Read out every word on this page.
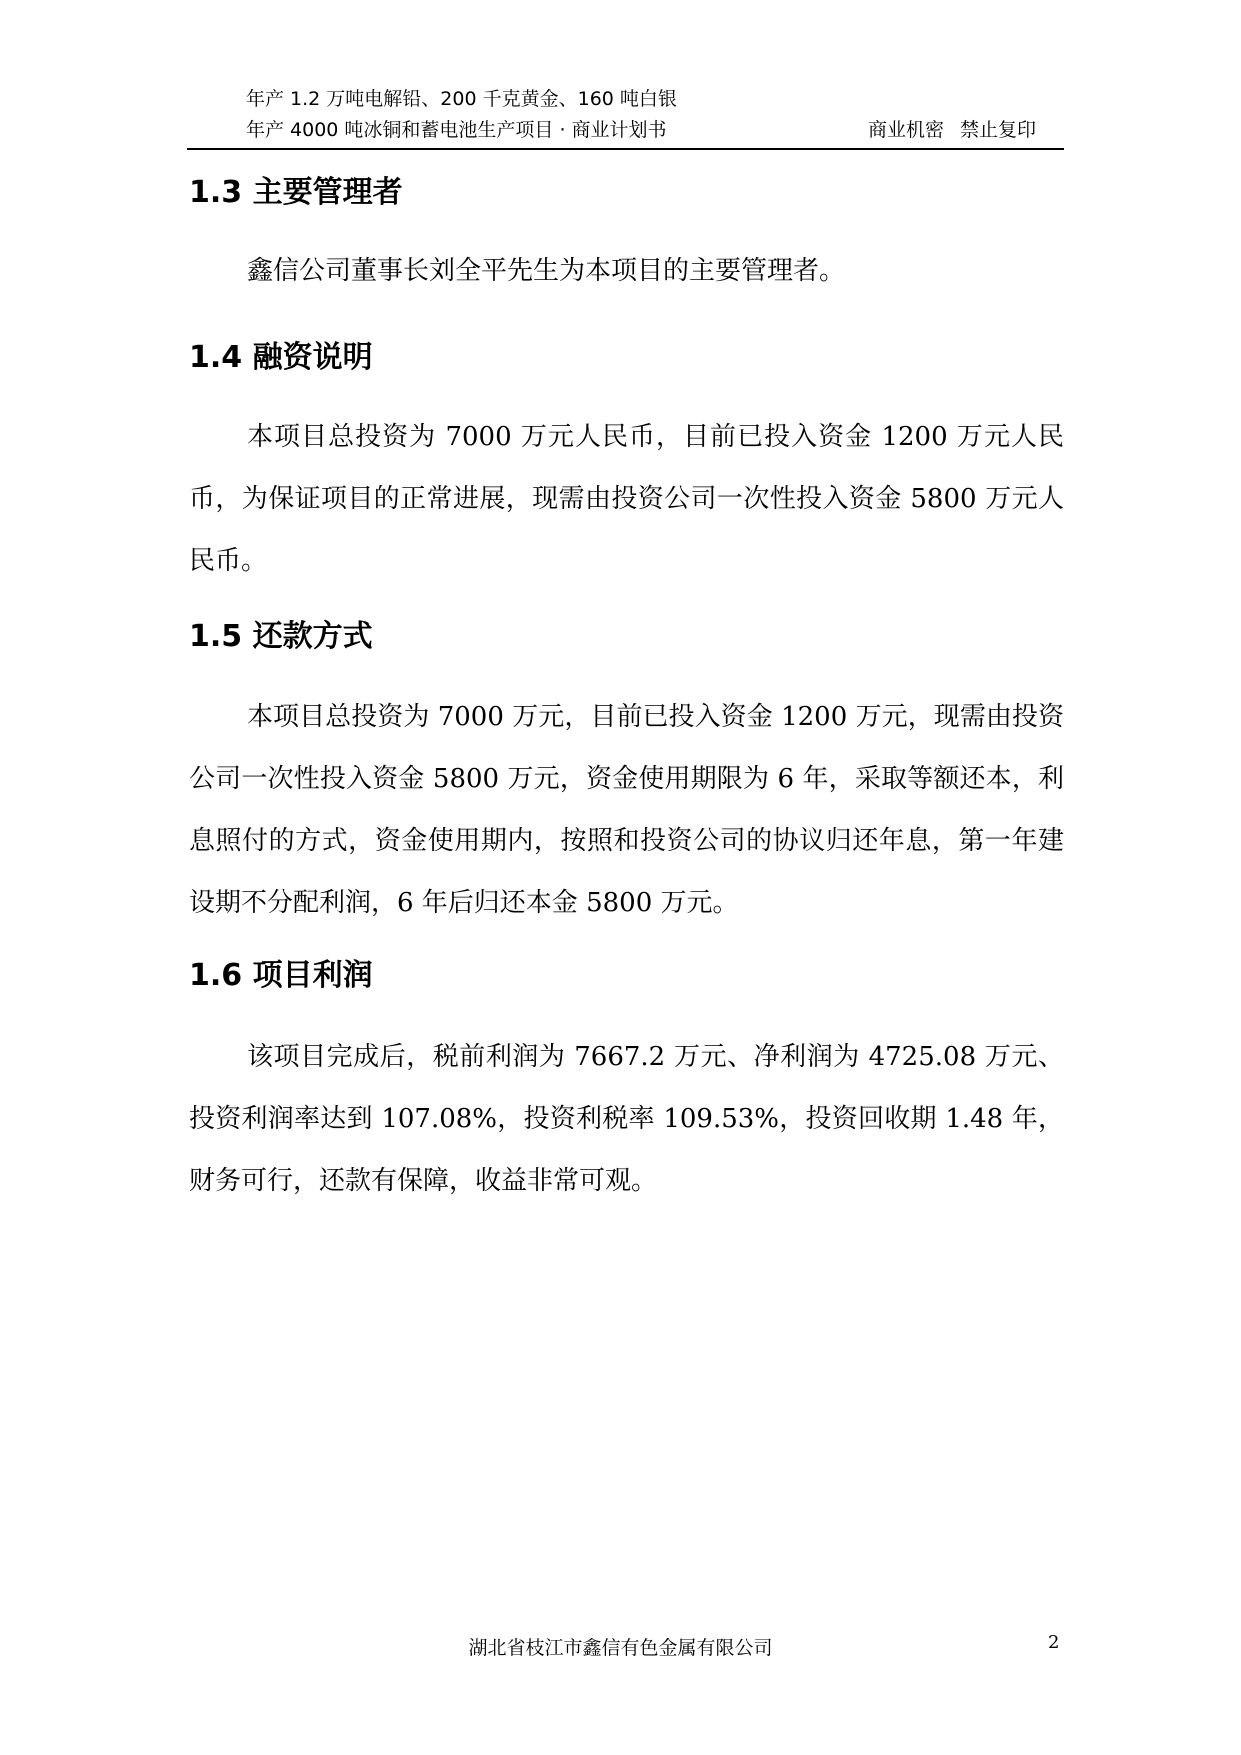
年产 1.2 万吨电解铅、200 千克黄金、160 吨白银
年产 4000 吨冰铜和蓄电池生产项目 · 商业计划书	商业机密 禁止复印
1.3 主要管理者
鑫信公司董事长刘全平先生为本项目的主要管理者。
1.4 融资说明
本项目总投资为 7000 万元人民币，目前已投入资金 1200 万元人民币，为保证项目的正常进展，现需由投资公司一次性投入资金 5800 万元人民币。
1.5 还款方式
本项目总投资为 7000 万元，目前已投入资金 1200 万元，现需由投资公司一次性投入资金 5800 万元，资金使用期限为 6 年，采取等额还本，利息照付的方式，资金使用期内，按照和投资公司的协议归还年息，第一年建设期不分配利润，6 年后归还本金 5800 万元。
1.6 项目利润
该项目完成后，税前利润为 7667.2 万元、净利润为 4725.08 万元、投资利润率达到 107.08%，投资利税率 109.53%，投资回收期 1.48 年，财务可行，还款有保障，收益非常可观。
湖北省枝江市鑫信有色金属有限公司	2
